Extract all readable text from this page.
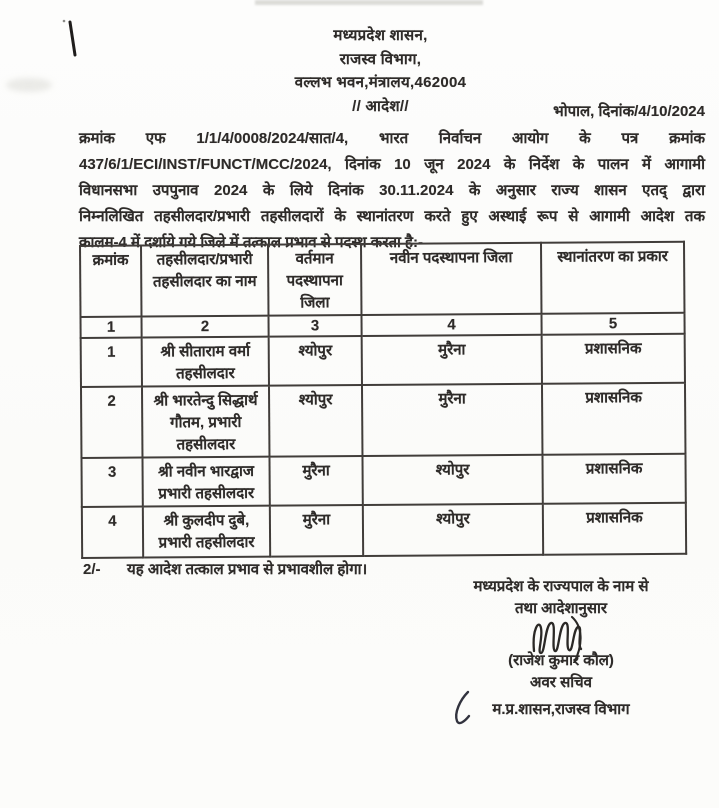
मध्यप्रदेश शासन,
राजस्व विभाग,
वल्लभ भवन,मंत्रालय,462004
// आदेश//	भोपाल, दिनांक/4/10/2024
क्रमांक एफ 1/1/4/0008/2024/सात/4, भारत निर्वाचन आयोग के पत्र क्रमांक
437/6/1/ECI/INST/FUNCT/MCC/2024, दिनांक 10 जून 2024 के निर्देश के पालन में आगामी
विधानसभा उपपुनाव 2024 के लिये दिनांक 30.11.2024 के अनुसार राज्य शासन एतद् द्वारा
निम्नलिखित तहसीलदार/प्रभारी तहसीलदारों के स्थानांतरण करते हुए अस्थाई रूप से आगामी आदेश तक
कालम-4 में दर्शाये गये जिले में तत्काल प्रभाव से पदस्थ करता है:-
क्रमांक	तहसीलदार/प्रभारी तहसीलदार का नाम	वर्तमान पदस्थापना जिला	नवीन पदस्थापना जिला	स्थानांतरण का प्रकार
1	2	3	4	5
1	श्री सीताराम वर्मा तहसीलदार	श्योपुर	मुरैना	प्रशासनिक
2	श्री भारतेन्दु सिद्धार्थ गौतम, प्रभारी तहसीलदार	श्योपुर	मुरैना	प्रशासनिक
3	श्री नवीन भारद्वाज प्रभारी तहसीलदार	मुरैना	श्योपुर	प्रशासनिक
4	श्री कुलदीप दुबे, प्रभारी तहसीलदार	मुरैना	श्योपुर	प्रशासनिक
2/- यह आदेश तत्काल प्रभाव से प्रभावशील होगा।
मध्यप्रदेश के राज्यपाल के नाम से
तथा आदेशानुसार
(राजेश कुमार कौल)
अवर सचिव
म.प्र.शासन,राजस्व विभाग
